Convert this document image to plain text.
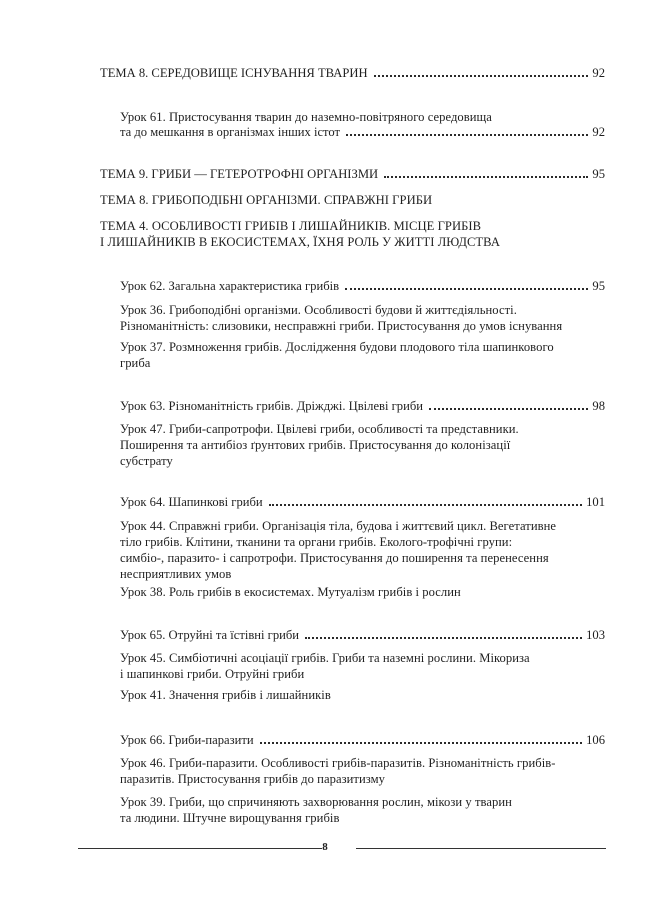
ТЕМА 8. СЕРЕДОВИЩЕ ІСНУВАННЯ ТВАРИН	92
Урок 61. Пристосування тварин до наземно-повітряного середовища
та до мешкання в організмах інших істот	92
ТЕМА 9. ГРИБИ — ГЕТЕРОТРОФНІ ОРГАНІЗМИ	95
ТЕМА 8. ГРИБОПОДІБНІ ОРГАНІЗМИ. СПРАВЖНІ ГРИБИ
ТЕМА 4. ОСОБЛИВОСТІ ГРИБІВ І ЛИШАЙНИКІВ. МІСЦЕ ГРИБІВ
І ЛИШАЙНИКІВ В ЕКОСИСТЕМАХ, ЇХНЯ РОЛЬ У ЖИТТІ ЛЮДСТВА
Урок 62. Загальна характеристика грибів	95
Урок 36. Грибоподібні організми. Особливості будови й життєдіяльності.
Різноманітність: слизовики, несправжні гриби. Пристосування до умов існування
Урок 37. Розмноження грибів. Дослідження будови плодового тіла шапинкового
гриба
Урок 63. Різноманітність грибів. Дріжджі. Цвілеві гриби	98
Урок 47. Гриби-сапротрофи. Цвілеві гриби, особливості та представники.
Поширення та антибіоз ґрунтових грибів. Пристосування до колонізації
субстрату
Урок 64. Шапинкові гриби	101
Урок 44. Справжні гриби. Організація тіла, будова і життєвий цикл. Вегетативне
тіло грибів. Клітини, тканини та органи грибів. Еколого-трофічні групи:
симбіо-, паразито- і сапротрофи. Пристосування до поширення та перенесення
несприятливих умов
Урок 38. Роль грибів в екосистемах. Мутуалізм грибів і рослин
Урок 65. Отруйні та їстівні гриби	103
Урок 45. Симбіотичні асоціації грибів. Гриби та наземні рослини. Мікориза
і шапинкові гриби. Отруйні гриби
Урок 41. Значення грибів і лишайників
Урок 66. Гриби-паразити	106
Урок 46. Гриби-паразити. Особливості грибів-паразитів. Різноманітність грибів-
паразитів. Пристосування грибів до паразитизму
Урок 39. Гриби, що спричиняють захворювання рослин, мікози у тварин
та людини. Штучне вирощування грибів
8
